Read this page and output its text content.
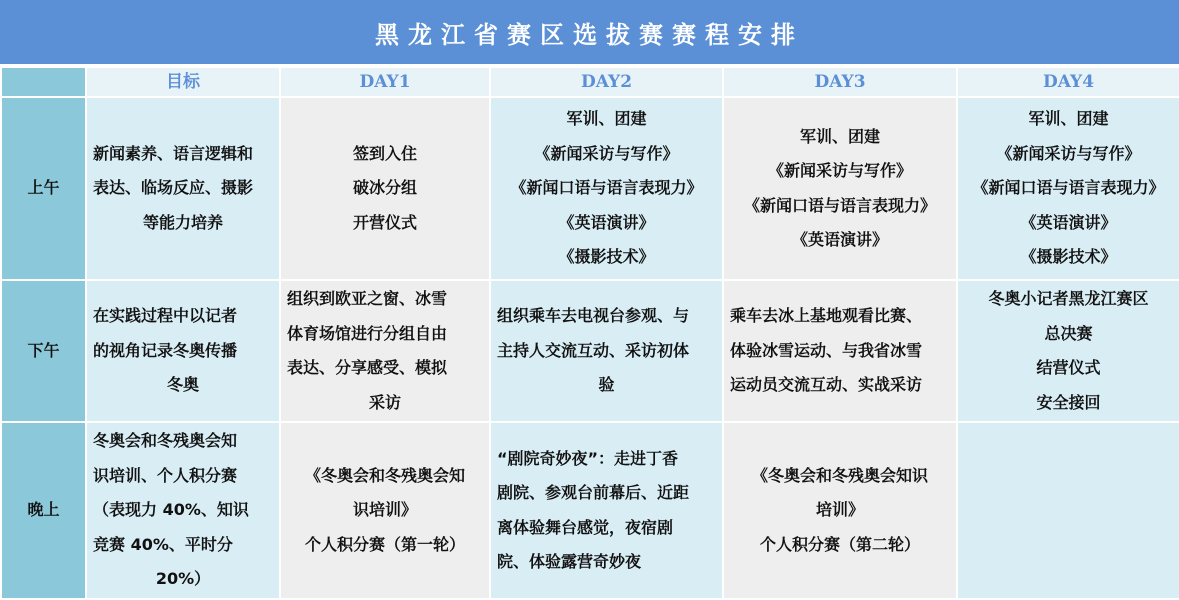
黑龙江省赛区选拔赛赛程安排
	目标	DAY1	DAY2	DAY3	DAY4
上午	新闻素养、语言逻辑和
表达、临场反应、摄影
等能力培养	签到入住
破冰分组
开营仪式	军训、团建
《新闻采访与写作》
《新闻口语与语言表现力》
《英语演讲》
《摄影技术》	军训、团建
《新闻采访与写作》
《新闻口语与语言表现力》
《英语演讲》	军训、团建
《新闻采访与写作》
《新闻口语与语言表现力》
《英语演讲》
《摄影技术》

下午	在实践过程中以记者
的视角记录冬奥传播
冬奥	组织到欧亚之窗、冰雪
体育场馆进行分组自由
表达、分享感受、模拟
采访	组织乘车去电视台参观、与
主持人交流互动、采访初体
验	乘车去冰上基地观看比赛、
体验冰雪运动、与我省冰雪
运动员交流互动、实战采访	冬奥小记者黑龙江赛区
总决赛
结营仪式
安全接回

晚上	冬奥会和冬残奥会知
识培训、个人积分赛
（表现力 40%、知识
竞赛 40%、平时分
20%）	《冬奥会和冬残奥会知
识培训》
个人积分赛（第一轮）	“剧院奇妙夜”：走进丁香
剧院、参观台前幕后、近距
离体验舞台感觉，夜宿剧
院、体验露营奇妙夜	《冬奥会和冬残奥会知识
培训》
个人积分赛（第二轮）	
